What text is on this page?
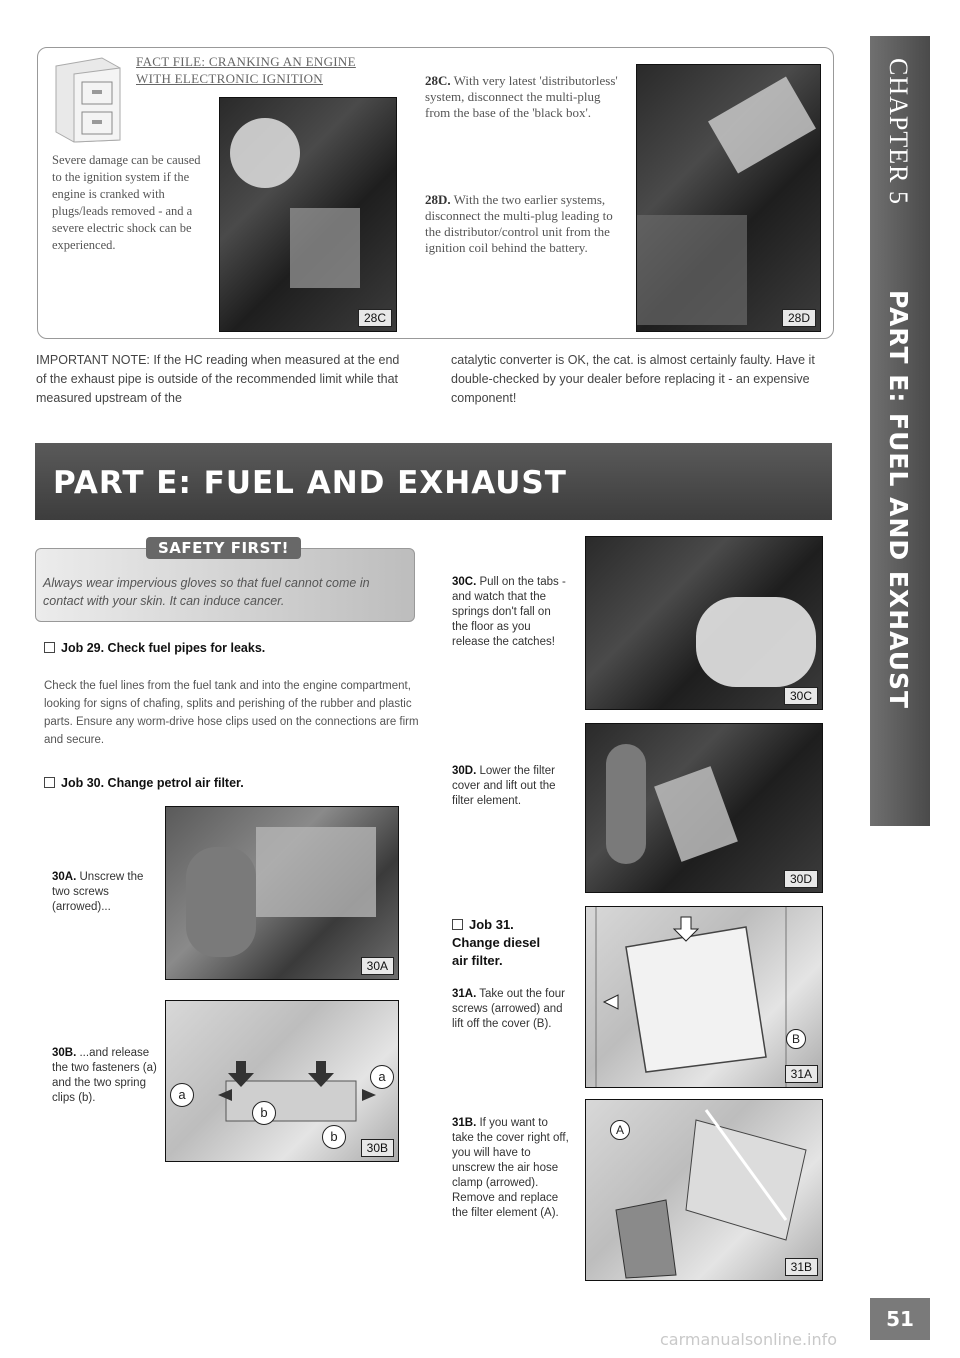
FACT FILE: CRANKING AN ENGINE
WITH ELECTRONIC IGNITION
Severe damage can be caused to the ignition system if the engine is cranked with plugs/leads removed - and a severe electric shock can be experienced.
28C
28C. With very latest 'distributorless' system, disconnect the multi-plug from the base of the 'black box'.
28D. With the two earlier systems, disconnect the multi-plug leading to the distributor/control unit from the ignition coil behind the battery.
28D
IMPORTANT NOTE: If the HC reading when measured at the end of the exhaust pipe is outside of the recommended limit while that measured upstream of the
catalytic converter is OK, the cat. is almost certainly faulty. Have it double-checked by your dealer before replacing it - an expensive component!
PART E: FUEL AND EXHAUST
SAFETY FIRST!
Always wear impervious gloves so that fuel cannot come in contact with your skin. It can induce cancer.
Job 29. Check fuel pipes for leaks.
Check the fuel lines from the fuel tank and into the engine compartment, looking for signs of chafing, splits and perishing of the rubber and plastic parts. Ensure any worm-drive hose clips used on the connections are firm and secure.
Job 30. Change petrol air filter.
30A. Unscrew the two screws (arrowed)...
30A
30B. ...and release the two fasteners (a) and the two spring clips (b).	a
a
b
b
30B
30C. Pull on the tabs - and watch that the springs don't fall on the floor as you release the catches!
30C
30D. Lower the filter cover and lift out the filter element.
30D
Job 31.
Change diesel
air filter.
31A. Take out the four screws (arrowed) and lift off the cover (B).
B
31A
31B. If you want to take the cover right off, you will have to unscrew the air hose clamp (arrowed). Remove and replace the filter element (A).
A
31B
CHAPTER 5
PART E: FUEL AND EXHAUST
51
carmanualsonline.info
